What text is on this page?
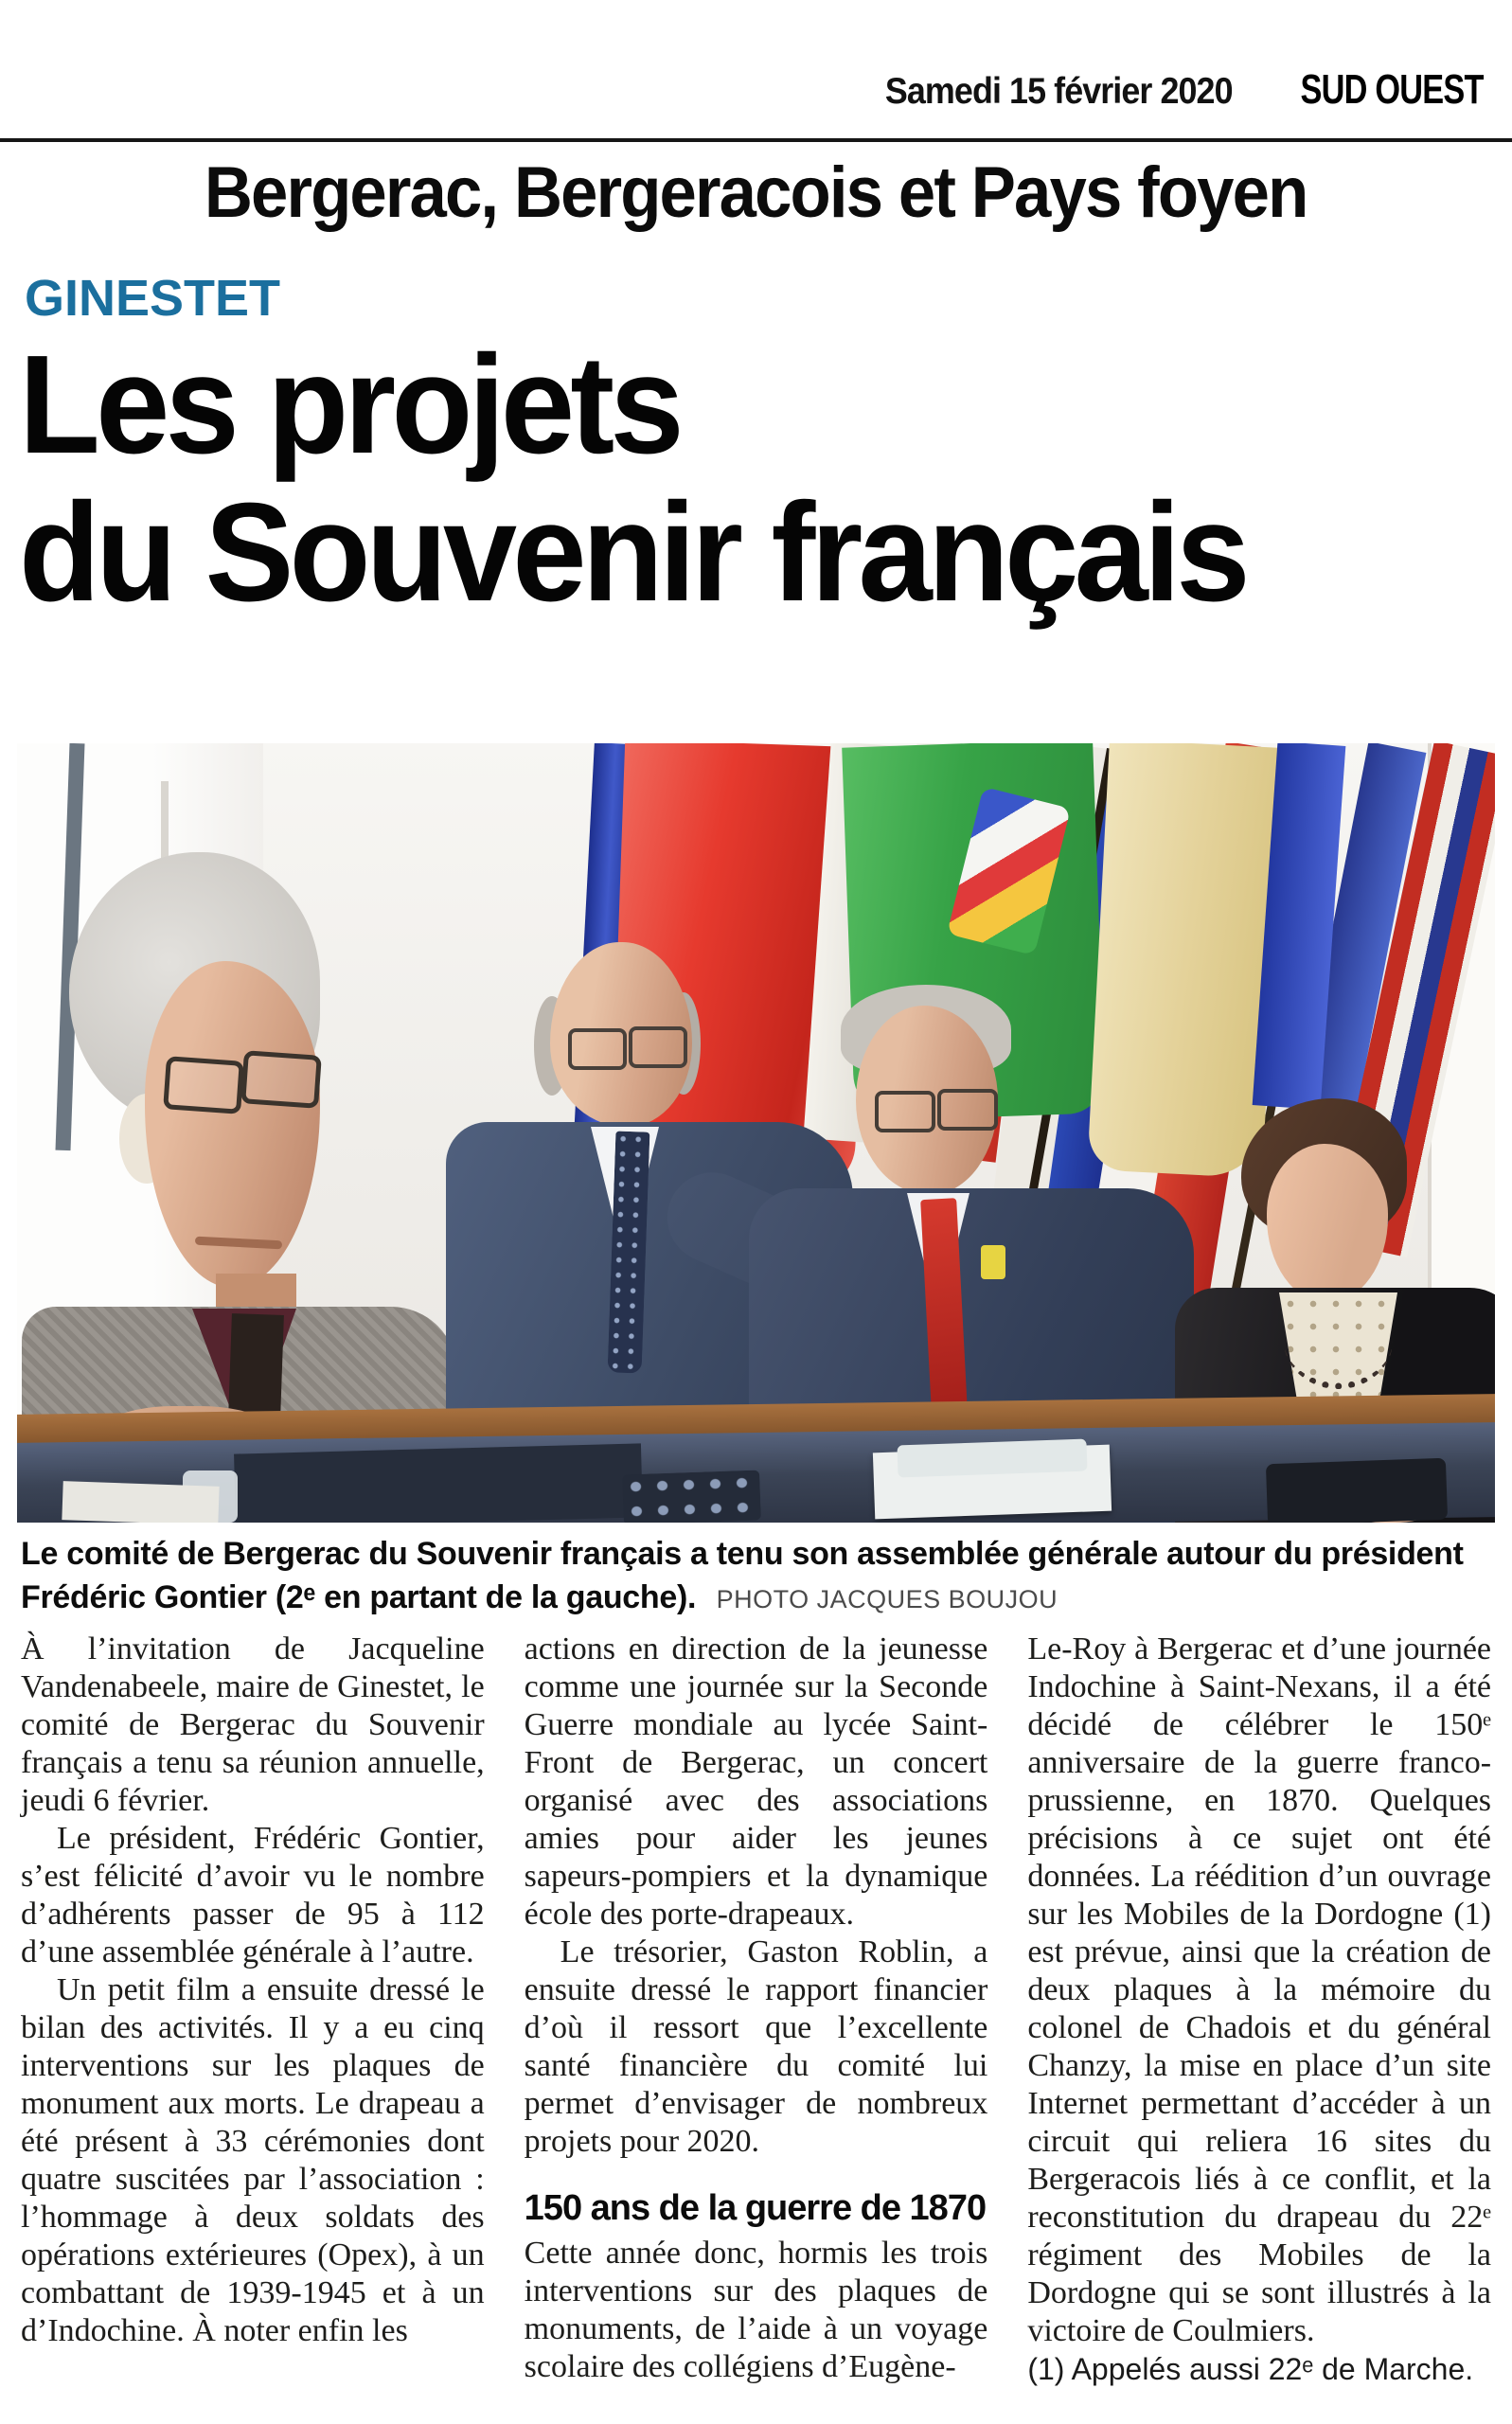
Samedi 15 février 2020 SUD OUEST
Bergerac, Bergeracois et Pays foyen
GINESTET
Les projets
du Souvenir français
Le comité de Bergerac du Souvenir français a tenu son assemblée générale autour du président Frédéric Gontier (2ᵉ en partant de la gauche). PHOTO JACQUES BOUJOU

À l’invitation de Jacqueline Vandenabeele, maire de Ginestet, le comité de Bergerac du Souvenir français a tenu sa réunion annuelle, jeudi 6 février.

Le président, Frédéric Gontier, s’est félicité d’avoir vu le nombre d’adhérents passer de 95 à 112 d’une assemblée générale à l’autre.

Un petit film a ensuite dressé le bilan des activités. Il y a eu cinq interventions sur les plaques de monument aux morts. Le drapeau a été présent à 33 cérémonies dont quatre suscitées par l’association : l’hommage à deux soldats des opérations extérieures (Opex), à un combattant de 1939-1945 et à un d’Indochine. À noter enfin les

actions en direction de la jeunesse comme une journée sur la Seconde Guerre mondiale au lycée Saint-Front de Bergerac, un concert organisé avec des associations amies pour aider les jeunes sapeurs-pompiers et la dynamique école des porte-drapeaux.

Le trésorier, Gaston Roblin, a ensuite dressé le rapport financier d’où il ressort que l’excellente santé financière du comité lui permet d’envisager de nombreux projets pour 2020.

150 ans de la guerre de 1870

Cette année donc, hormis les trois interventions sur des plaques de monuments, de l’aide à un voyage scolaire des collégiens d’Eugène-

Le-Roy à Bergerac et d’une journée Indochine à Saint-Nexans, il a été décidé de célébrer le 150ᵉ anniversaire de la guerre franco-prussienne, en 1870. Quelques précisions à ce sujet ont été données. La réédition d’un ouvrage sur les Mobiles de la Dordogne (1) est prévue, ainsi que la création de deux plaques à la mémoire du colonel de Chadois et du général Chanzy, la mise en place d’un site Internet permettant d’accéder à un circuit qui reliera 16 sites du Bergeracois liés à ce conflit, et la reconstitution du drapeau du 22ᵉ régiment des Mobiles de la Dordogne qui se sont illustrés à la victoire de Coulmiers.

(1) Appelés aussi 22ᵉ de Marche.
